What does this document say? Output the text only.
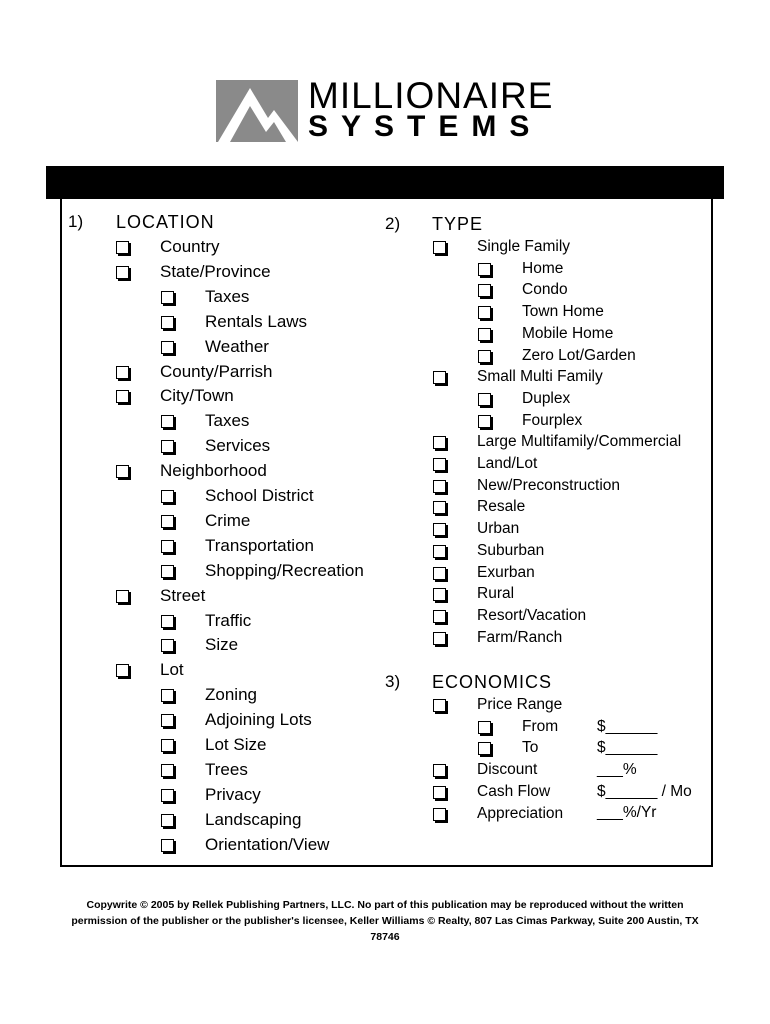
MILLIONAIRE
SYSTEMS
1) LOCATION	2) TYPE
3) ECONOMICS
Country
State/Province
Taxes
Rentals Laws
Weather
County/Parrish
City/Town
Taxes
Services
Neighborhood
School District
Crime
Transportation
Shopping/Recreation
Street
Traffic
Size
Lot
Zoning
Adjoining Lots
Lot Size
Trees
Privacy
Landscaping
Orientation/View
Single Family
Home
Condo
Town Home
Mobile Home
Zero Lot/Garden
Small Multi Family
Duplex
Fourplex
Large Multifamily/Commercial
Land/Lot
New/Preconstruction
Resale
Urban
Suburban
Exurban
Rural
Resort/Vacation
Farm/Ranch
Price Range
From
To
Discount
Cash Flow
Appreciation
$______
$______
___%
$______ / Mo
___%/Yr
Copywrite © 2005 by Rellek Publishing Partners, LLC. No part of this publication may be reproduced without the written permission of the publisher or the publisher's licensee, Keller Williams © Realty, 807 Las Cimas Parkway, Suite 200 Austin, TX 78746
